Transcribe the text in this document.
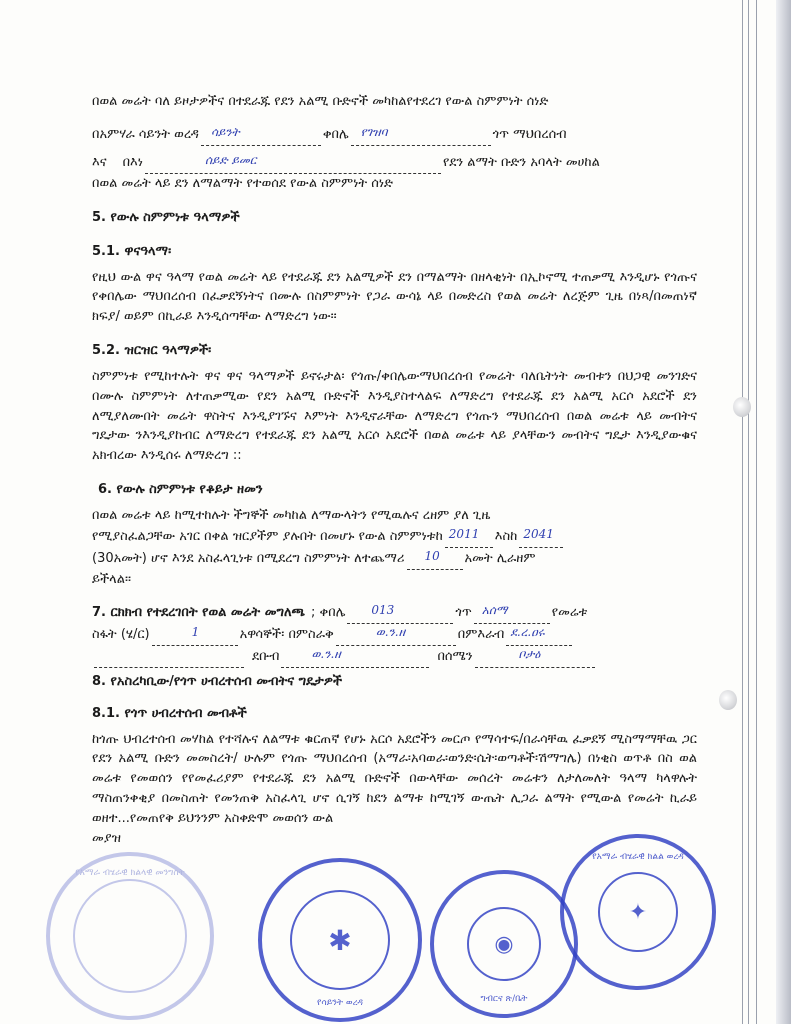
በወል መሬት ባለ ይዞታዎችና በተደራጁ የደን አልሚ ቡድኖች መካከልየተደረገ የውል ስምምነት ሰነድ

በአምሃራ ሳይንት ወረዳ ሳይንት	ቀበሌ የገዝባ	ጎጥ ማህበረሰብ
እና በእነ	ሰይድ ይመር	የደን ልማት ቡድን አባላት መሀከል

በወል መሬት ላይ ደን ለማልማት የተወሰደ የውል ስምምነት ሰነድ

5. የውሉ ስምምነቱ ዓላማዎች

5.1. ዋናዓላማ፡

የዚህ ውል ዋና ዓላማ የወል መሬት ላይ የተደራጁ ደን አልሚዎች ደን በማልማት በዘላቂነት በኢኮኖሚ ተጠቃሚ እንዲሆኑ የጎጡና የቀበሌው ማህበረሰብ በፈቃደኝነትና በሙሉ በስምምነት የጋራ ውሳኔ ላይ በመድረስ የወል መሬት ለረጅም ጊዜ በነጻ/በመጠነኛ ክፍያ/ ወይም በኪራይ እንዲሰጣቸው ለማድረግ ነው፡፡

5.2. ዝርዝር ዓላማዎች፡

ስምምነቱ የሚከተሉት ዋና ዋና ዓላማዎች ይኖሩታል፡ የጎጡ/ቀበሌውማህበረሰብ የመሬት ባለቤትነት መብቱን በህጋዊ መንገድና በሙሉ ስምምነት ለተጠቃሚው የደን አልሚ ቡድኖች እንዲያስተላልፍ ለማድረግ የተደራጁ ደን አልሚ አርሶ አደሮች ደን ለሚያለሙበት መሬት ዋስትና እንዲያገኙና እምነት እንዲኖራቸው ለማድረግ የጎጡን ማህበረሰብ በወል መሬቱ ላይ መብትና ግዴታው ንእንዲያከብር ለማድረግ የተደራጁ ደን አልሚ አርሶ አደሮች በወል መሬቱ ላይ ያላቸውን መብትና ግዴታ እንዲያውቁና አክብረው እንዲሰሩ ለማድረግ ::

6. የውሉ ስምምነቱ የቆይታ ዘመን

በወል መሬቱ ላይ ከሚተከሉት ችግኞች መካከል ለማውላትን የሚዉሉና ረዘም ያለ ጊዜ

የሚያስፈልጋቸው አገር በቀል ዝርያችም ያሉበት በመሆኑ የውል ስምምነቱከ 2011 እስከ 2041
(30አመት) ሆኖ እንደ አስፈላጊነቱ በሚደረግ ስምምነት ለተጨማሪ 10 አመት ሊራዘም

ይችላል፡፡

7. ርክክብ የተደረገበት የወል መሬት መግለጫ ; ቀበሌ 013	ጎጥ አሰማ	የመሬቱ
ስፋት (ሄ/ር)	1	አዋሳኞች፡ በምስራቅ	ወ.ን.ዘ	በምእራብ ደ.ረ.ዐሩ
ደቡብ	ወ.ን.ዘ	በሰሜን	ቦታዕ

8. የአስረካቢው/የጎጥ ሀብረተሰብ መብትና ግዴታዎች

8.1. የጎጥ ሀብረተሰብ መብቶች

ከጎጡ ህብረተሰብ መሃከል የተሻሉና ለልማቱ ቁርጠኛ የሆኑ አርሶ አደሮችን መርጦ የማሳተፍ/በራሳቸዉ ፈቃደኝ ሚስማማቸዉ ጋር የደን አልሚ ቡድን መመስረት/ ሁሉም የጎጡ ማህበረሰብ (አማራ፡አባወራ፡ወንድ፡ሴት፡ወጣቶች፡ሽማግሌ) በነቂስ ወጥቶ በስ ወል መሬቱ የመወሰን የየመፈሪያም የተደራጁ ደን አልሚ ቡድኖች በውላቸው መሰረት መሬቱን ለታለመለት ዓላማ ካላዋሉት ማስጠንቀቂያ በመስጠት የመንጠቅ አስፈላጊ ሆኖ ሲገኝ ከደን ልማቱ ከሚገኝ ውጤት ሊጋራ ልማት የሚውል የመሬት ኪራይ ወዘተ...የመጠየቅ ይህንንም አስቀድሞ መወሰን ውል

መያዝ

የአማራ ብሄራዊ ክልላዊ መንግስት
✱
የሳይንት ወረዳ
◉
ግብርና ጽ/ቤት
✦
የአማራ ብሄራዊ ክልል ወረዳ
